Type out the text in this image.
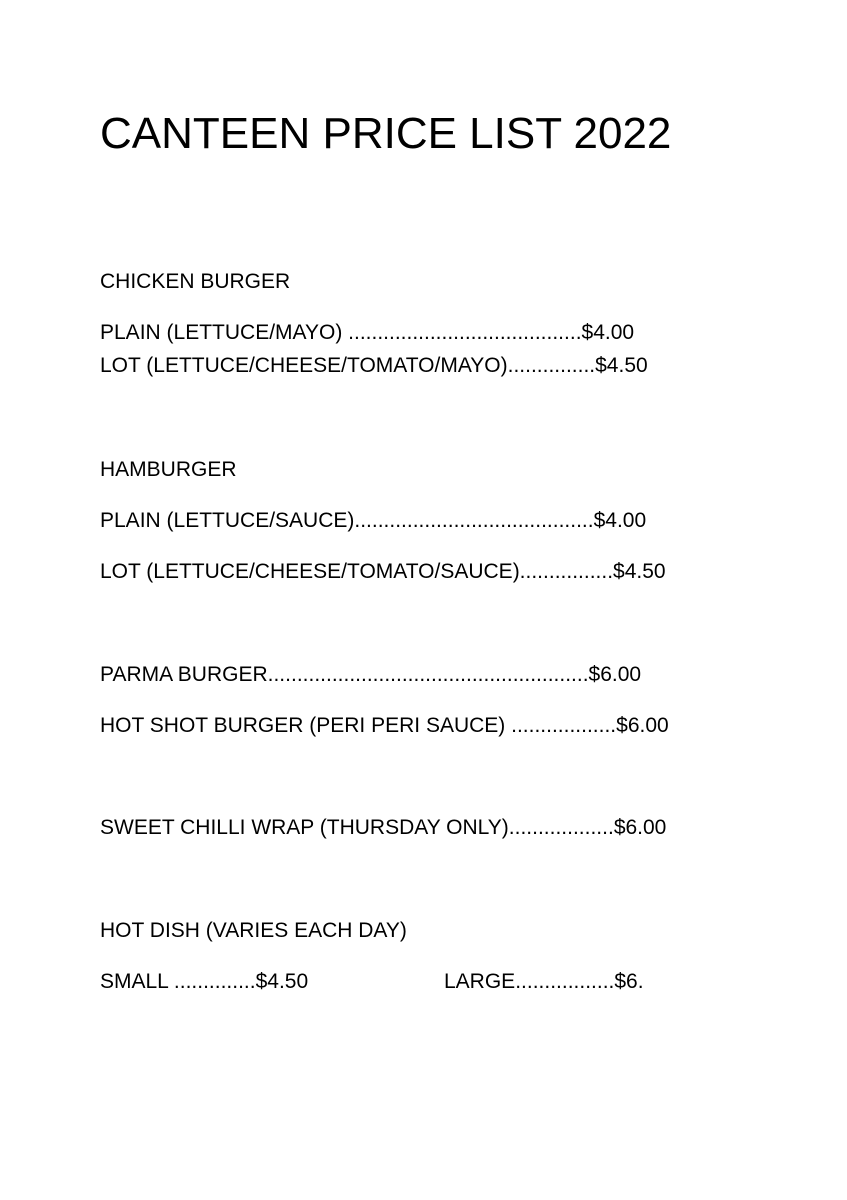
CANTEEN PRICE LIST 2022
CHICKEN BURGER
PLAIN (LETTUCE/MAYO) ........................................$4.00
LOT (LETTUCE/CHEESE/TOMATO/MAYO)...............$4.50
HAMBURGER
PLAIN (LETTUCE/SAUCE).........................................$4.00
LOT (LETTUCE/CHEESE/TOMATO/SAUCE)................$4.50
PARMA BURGER.......................................................$6.00
HOT SHOT BURGER (PERI PERI SAUCE) ..................$6.00
SWEET CHILLI WRAP (THURSDAY ONLY)..................$6.00
HOT DISH (VARIES EACH DAY)
SMALL ..............$4.50	LARGE.................$6.
